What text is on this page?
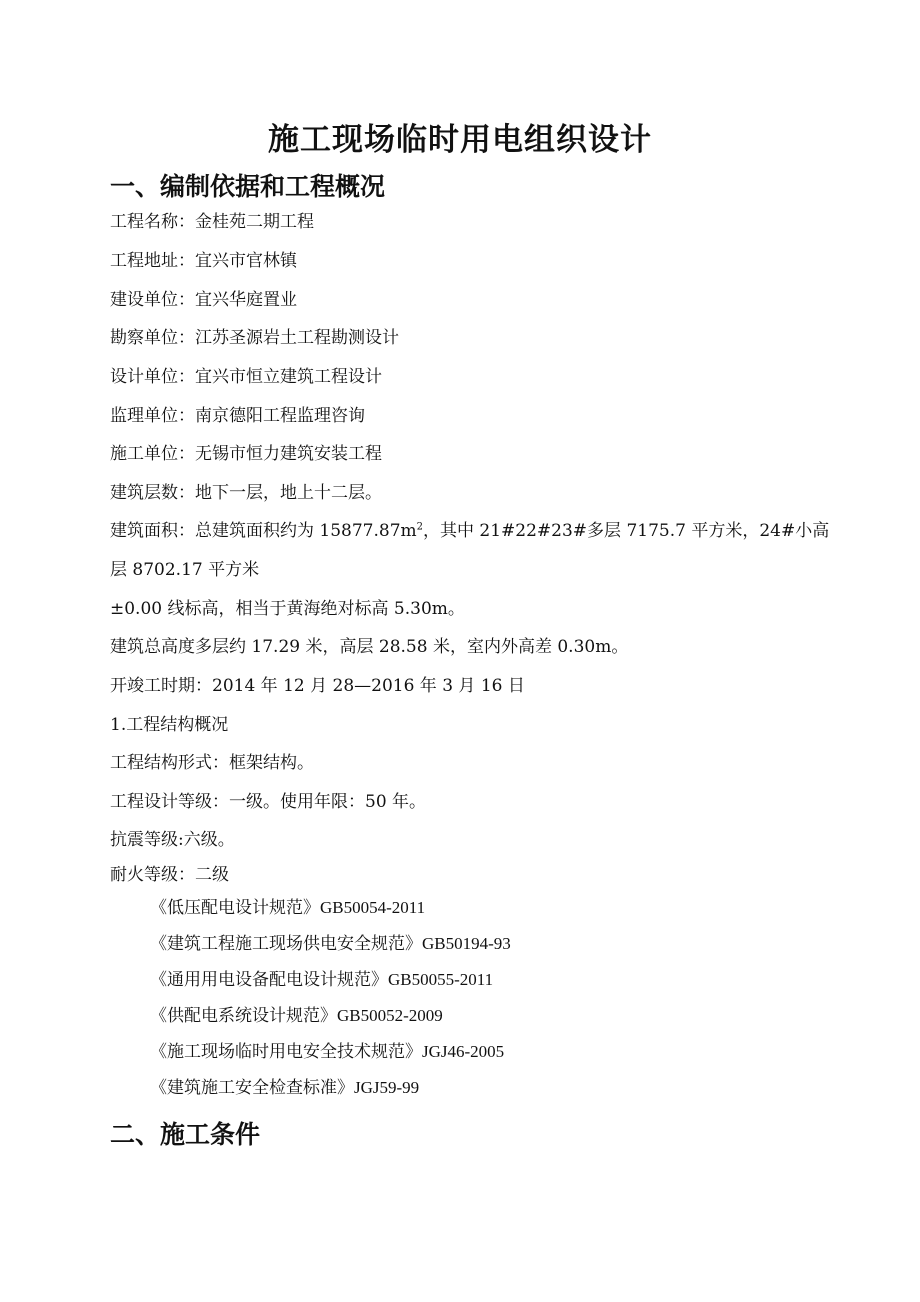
施工现场临时用电组织设计
一、编制依据和工程概况
工程名称：金桂苑二期工程
工程地址：宜兴市官林镇
建设单位：宜兴华庭置业
勘察单位：江苏圣源岩土工程勘测设计
设计单位：宜兴市恒立建筑工程设计
监理单位：南京德阳工程监理咨询
施工单位：无锡市恒力建筑安装工程
建筑层数：地下一层，地上十二层。
建筑面积：总建筑面积约为 $15877.87m^2$，其中 21#22#23#多层 7175.7 平方米，24#小高
层 8702.17 平方米
±0.00 线标高，相当于黄海绝对标高 5.30m。
建筑总高度多层约 17.29 米，高层 28.58 米，室内外高差 0.30m。
开竣工时期：2014 年 12 月 28—2016 年 3 月 16 日
1.工程结构概况
工程结构形式：框架结构。
工程设计等级：一级。使用年限：50 年。
抗震等级:六级。
耐火等级：二级
《低压配电设计规范》GB50054-2011
《建筑工程施工现场供电安全规范》GB50194-93
《通用用电设备配电设计规范》GB50055-2011
《供配电系统设计规范》GB50052-2009
《施工现场临时用电安全技术规范》JGJ46-2005
《建筑施工安全检查标准》JGJ59-99
二、施工条件
